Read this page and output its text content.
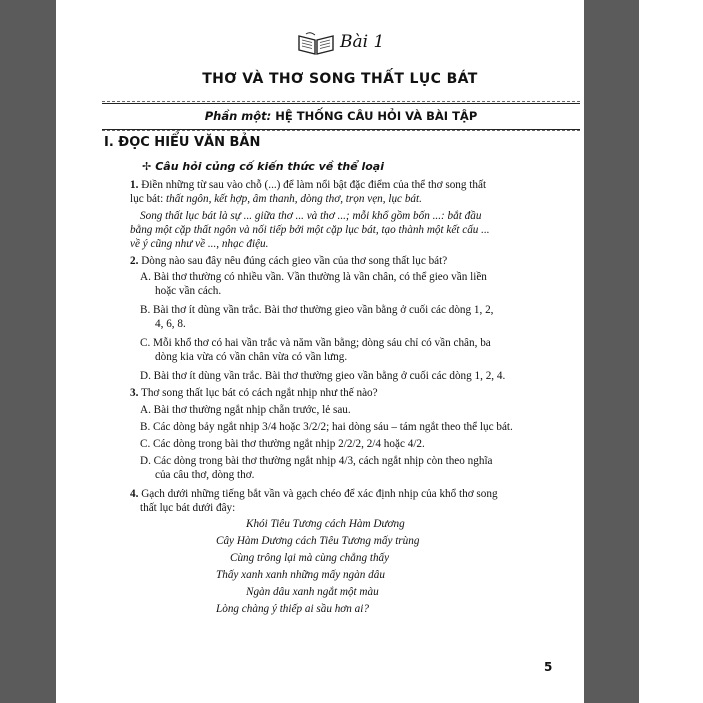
Bài 1
THƠ VÀ THƠ SONG THẤT LỤC BÁT
Phần một: HỆ THỐNG CÂU HỎI VÀ BÀI TẬP
I. ĐỌC HIỂU VĂN BẢN
✢ Câu hỏi củng cố kiến thức về thể loại
1. Điền những từ sau vào chỗ (...) để làm nổi bật đặc điểm của thể thơ song thất
lục bát: thất ngôn, kết hợp, âm thanh, dòng thơ, trọn vẹn, lục bát.
Song thất lục bát là sự ... giữa thơ ... và thơ ...; mỗi khổ gồm bốn ...: bắt đầu
bằng một cặp thất ngôn và nối tiếp bởi một cặp lục bát, tạo thành một kết cấu ...
về ý cũng như về ..., nhạc điệu.
2. Dòng nào sau đây nêu đúng cách gieo vần của thơ song thất lục bát?
A. Bài thơ thường có nhiều vần. Vần thường là vần chân, có thể gieo vần liền
hoặc vần cách.
B. Bài thơ ít dùng vần trắc. Bài thơ thường gieo vần bằng ở cuối các dòng 1, 2,
4, 6, 8.
C. Mỗi khổ thơ có hai vần trắc và năm vần bằng; dòng sáu chỉ có vần chân, ba
dòng kia vừa có vần chân vừa có vần lưng.
D. Bài thơ ít dùng vần trắc. Bài thơ thường gieo vần bằng ở cuối các dòng 1, 2, 4.
3. Thơ song thất lục bát có cách ngắt nhịp như thế nào?
A. Bài thơ thường ngắt nhịp chẵn trước, lẻ sau.
B. Các dòng bảy ngắt nhịp 3/4 hoặc 3/2/2; hai dòng sáu – tám ngắt theo thể lục bát.
C. Các dòng trong bài thơ thường ngắt nhịp 2/2/2, 2/4 hoặc 4/2.
D. Các dòng trong bài thơ thường ngắt nhịp 4/3, cách ngắt nhịp còn theo nghĩa
của câu thơ, dòng thơ.
4. Gạch dưới những tiếng bắt vần và gạch chéo để xác định nhịp của khổ thơ song
thất lục bát dưới đây:
Khói Tiêu Tương cách Hàm Dương
Cây Hàm Dương cách Tiêu Tương mấy trùng
Cùng trông lại mà cùng chẳng thấy
Thấy xanh xanh những mấy ngàn dâu
Ngàn dâu xanh ngắt một màu
Lòng chàng ý thiếp ai sầu hơn ai?
5
